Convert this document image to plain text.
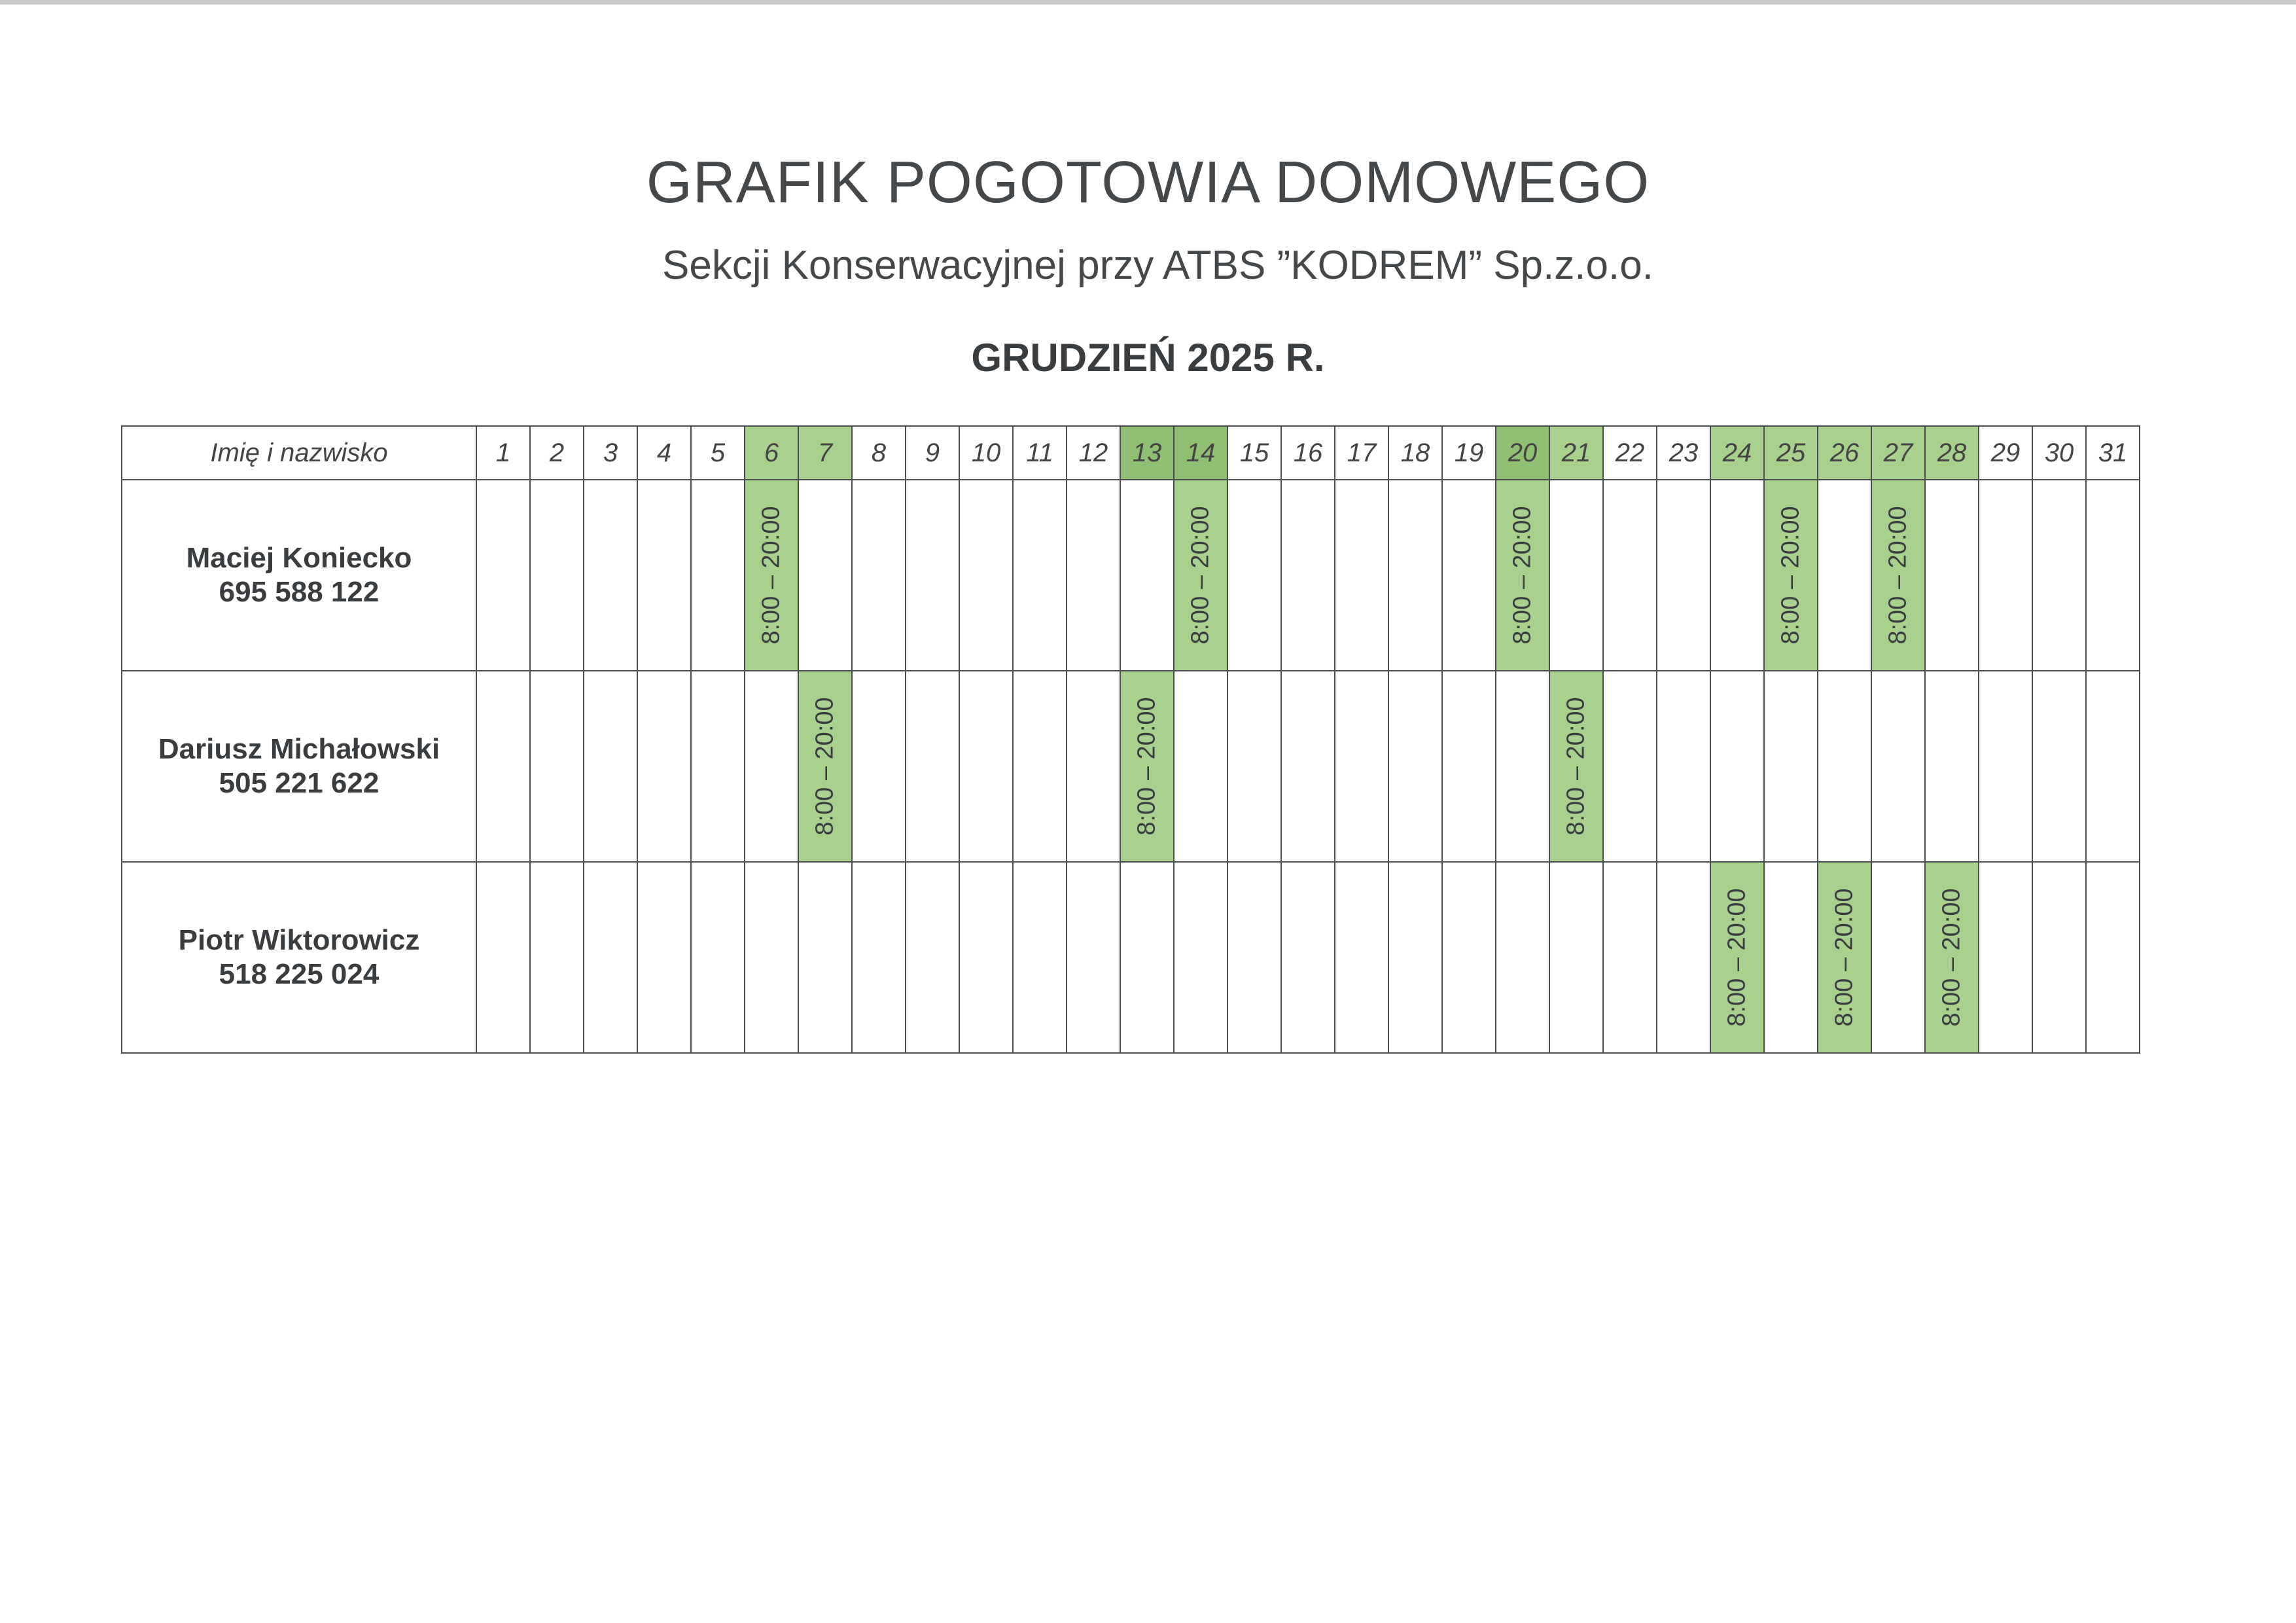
GRAFIK POGOTOWIA DOMOWEGO
Sekcji Konserwacyjnej przy ATBS ”KODREM” Sp.z.o.o.
GRUDZIEŃ 2025 R.
Imię i nazwisko	1	2	3	4	5	6	7	8	9	10	11	12	13	14	15	16	17	18	19	20	21	22	23	24	25	26	27	28	29	30	31

Maciej Koniecko
695 588 122						8:00 – 20:00								8:00 – 20:00						8:00 – 20:00					8:00 – 20:00		8:00 – 20:00				

Dariusz Michałowski
505 221 622							8:00 – 20:00						8:00 – 20:00								8:00 – 20:00										

Piotr Wiktorowicz
518 225 024																								8:00 – 20:00		8:00 – 20:00		8:00 – 20:00			
